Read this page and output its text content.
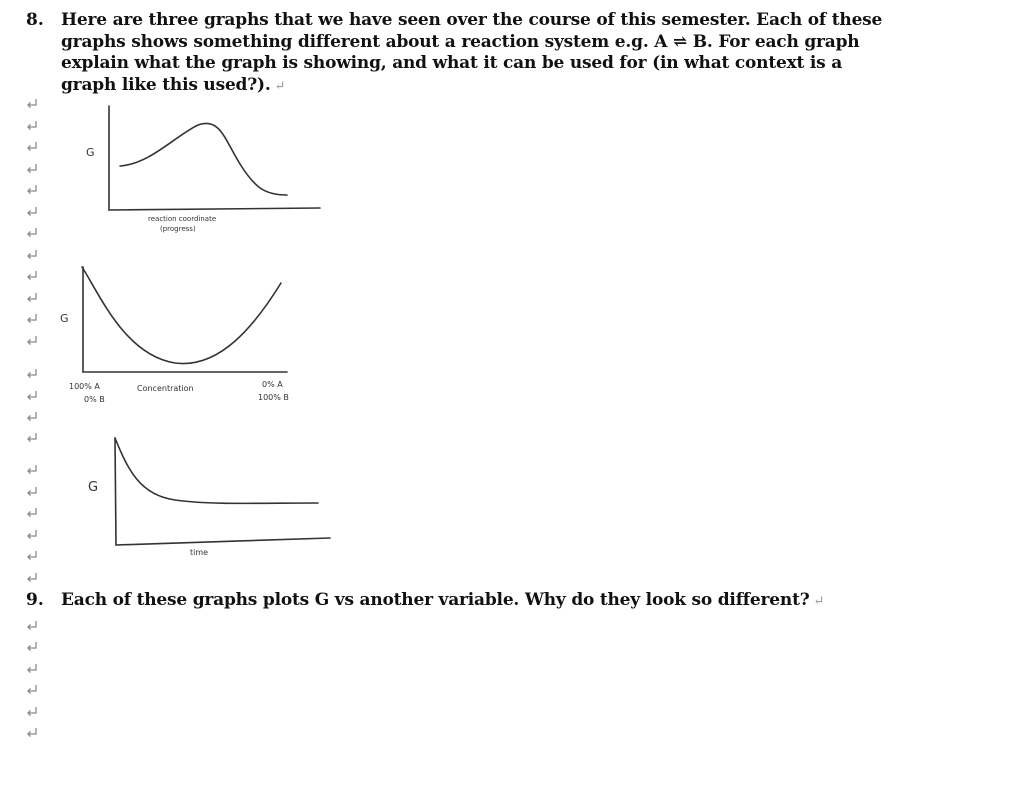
8. Here are three graphs that we have seen over the course of this semester. Each of these
graphs shows something different about a reaction system e.g. A ⇌ B. For each graph
explain what the graph is showing, and what it can be used for (in what context is a
graph like this used?). ↵
G
reaction coordinate
(progress)
G
100% A
0% B
Concentration	0% A
100% B
G
time
9. Each of these graphs plots G vs another variable. Why do they look so different? ↵
